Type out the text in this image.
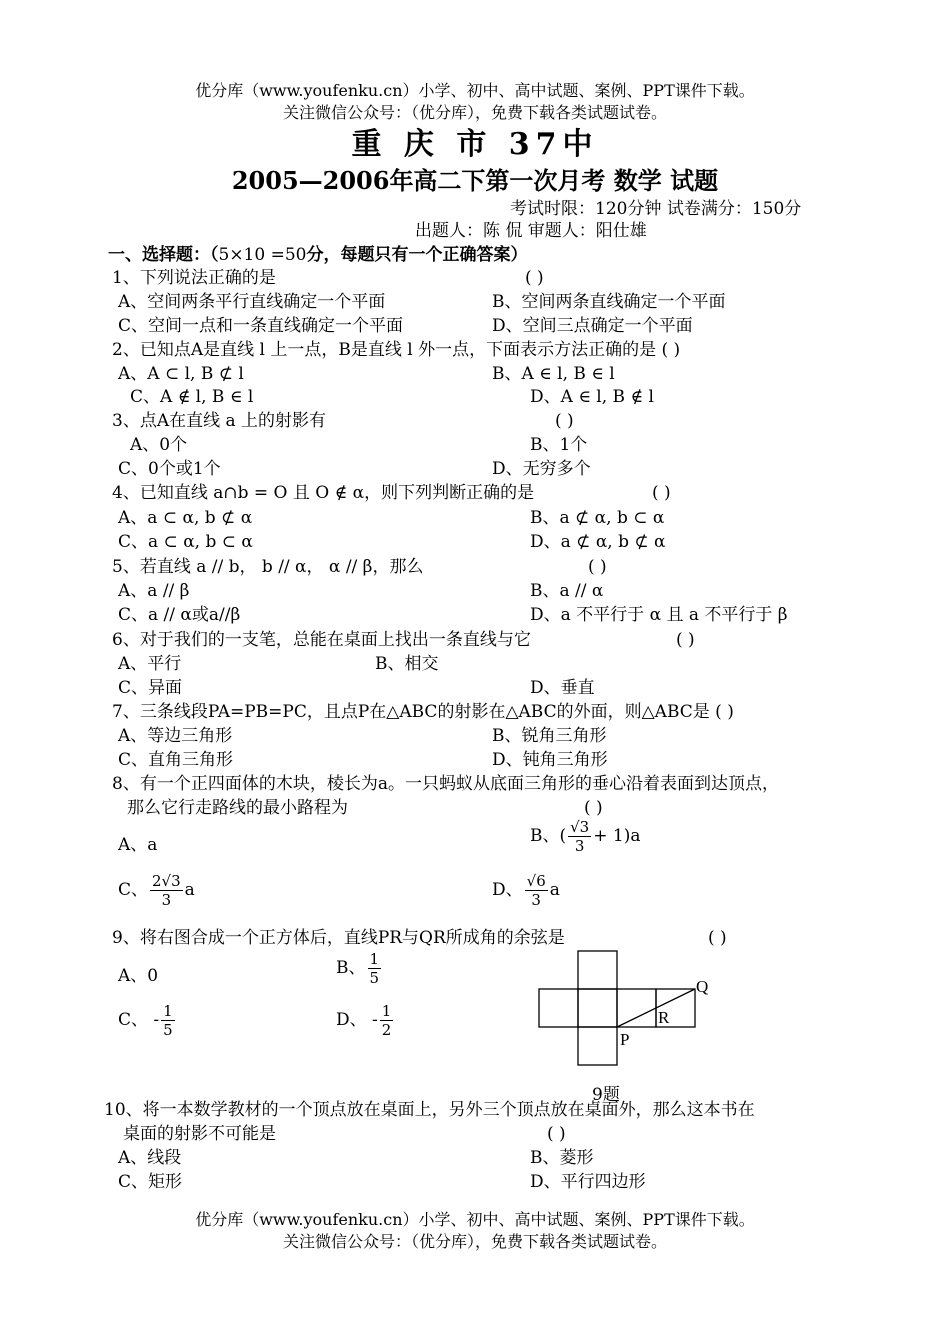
优分库（www.youfenku.cn）小学、初中、高中试题、案例、PPT课件下载。
关注微信公众号：（优分库），免费下载各类试题试卷。
重 庆 市 37中
2005—2006年高二下第一次月考 数学 试题
考试时限：120分钟 试卷满分：150分
出题人：陈 侃 审题人：阳仕雄
一、选择题：（5×10 =50分，每题只有一个正确答案）
1、下列说法正确的是	( )
A、空间两条平行直线确定一个平面	B、空间两条直线确定一个平面
C、空间一点和一条直线确定一个平面	D、空间三点确定一个平面
2、已知点A是直线 l 上一点，B是直线 l 外一点，下面表示方法正确的是 ( )
A、A ⊂ l, B ⊄ l	B、A ∈ l, B ∈ l
C、A ∉ l, B ∈ l	D、A ∈ l, B ∉ l
3、点A在直线 a 上的射影有	( )
A、0个	B、1个
C、0个或1个	D、无穷多个
4、已知直线 a∩b = O 且 O ∉ α，则下列判断正确的是	( )
A、a ⊂ α, b ⊄ α	B、a ⊄ α, b ⊂ α
C、a ⊂ α, b ⊂ α	D、a ⊄ α, b ⊄ α
5、若直线 a // b， b // α， α // β，那么	( )
A、a // β	B、a // α
C、a // α或a//β	D、a 不平行于 α 且 a 不平行于 β
6、对于我们的一支笔，总能在桌面上找出一条直线与它	( )
A、平行	B、相交
C、异面	D、垂直
7、三条线段PA=PB=PC，且点P在△ABC的射影在△ABC的外面，则△ABC是 ( )
A、等边三角形	B、锐角三角形
C、直角三角形	D、钝角三角形
8、有一个正四面体的木块，棱长为a。一只蚂蚁从底面三角形的垂心沿着表面到达顶点，
那么它行走路线的最小路程为	( )
A、a	B、( $\frac{√3}{3} + 1)a$
C、 $\frac{2√3}{3}$ a	D、 $\frac{√6}{3}$ a
9、将右图合成一个正方体后，直线PR与QR所成角的余弦是	( )
A、0	B、 $\frac{1}{5}$
C、 - $\frac{1}{5}$	D、 - $\frac{1}{2}$
Q
R
P
9题
10、将一本数学教材的一个顶点放在桌面上，另外三个顶点放在桌面外，那么这本书在
桌面的射影不可能是	( )
A、线段	B、菱形
C、矩形	D、平行四边形
优分库（www.youfenku.cn）小学、初中、高中试题、案例、PPT课件下载。
关注微信公众号：（优分库），免费下载各类试题试卷。
